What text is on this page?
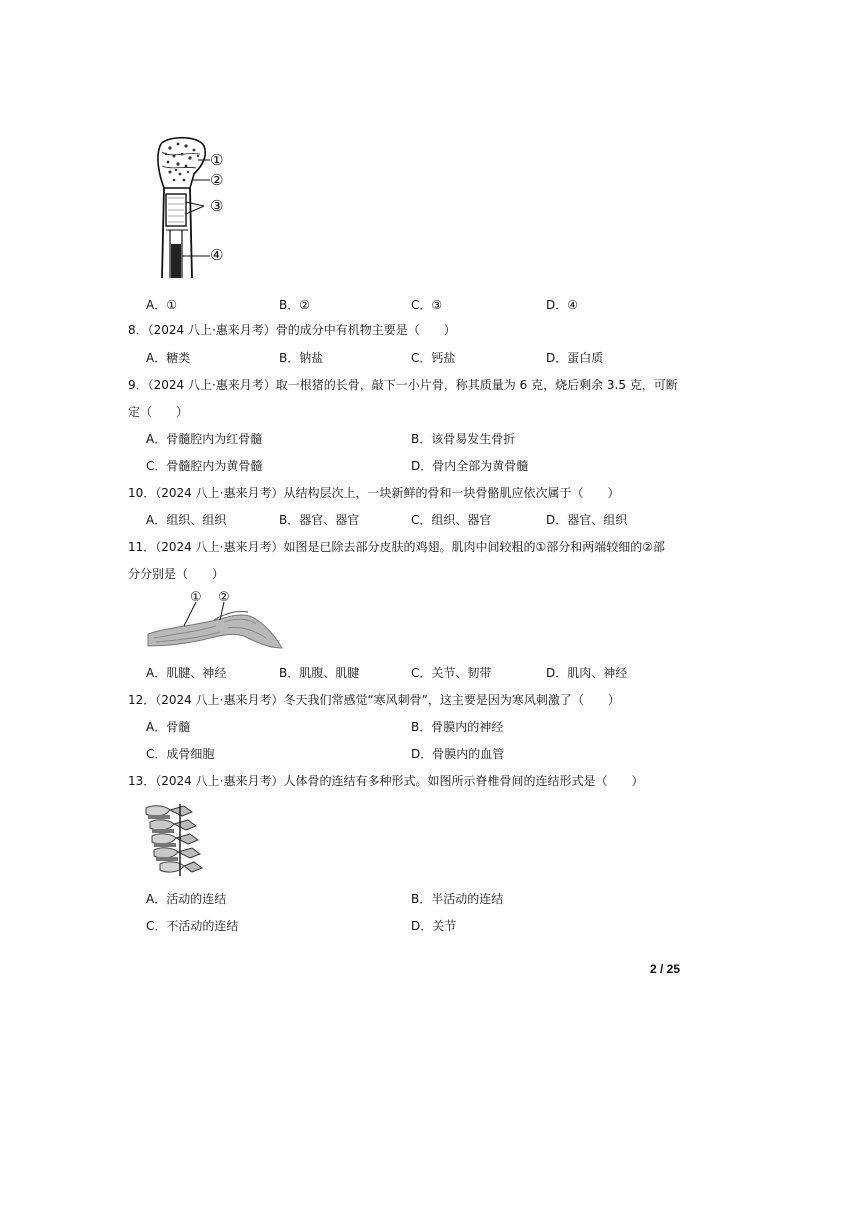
①
②
③
④
A．①	B．②	C．③	D．④
8．（2024 八上·惠来月考）骨的成分中有机物主要是（　　）
A．糖类	B．钠盐	C．钙盐	D．蛋白质
9．（2024 八上·惠来月考）取一根猪的长骨，敲下一小片骨，称其质量为 6 克，烧后剩余 3.5 克，可断
定（　　）
A．骨髓腔内为红骨髓	B．该骨易发生骨折
C．骨髓腔内为黄骨髓	D．骨内全部为黄骨髓
10．（2024 八上·惠来月考）从结构层次上，一块新鲜的骨和一块骨骼肌应依次属于（　　）
A．组织、组织	B．器官、器官	C．组织、器官	D．器官、组织
11．（2024 八上·惠来月考）如图是已除去部分皮肤的鸡翅。肌肉中间较粗的①部分和两端较细的②部
分分别是（　　）
① ②
A．肌腱、神经	B．肌腹、肌腱	C．关节、韧带	D．肌肉、神经
12．（2024 八上·惠来月考）冬天我们常感觉“寒风刺骨”，这主要是因为寒风刺激了（　　）
A．骨髓	B．骨膜内的神经
C．成骨细胞	D．骨膜内的血管
13．（2024 八上·惠来月考）人体骨的连结有多种形式。如图所示脊椎骨间的连结形式是（　　）
A．活动的连结	B．半活动的连结
C．不活动的连结	D．关节
2 / 25
